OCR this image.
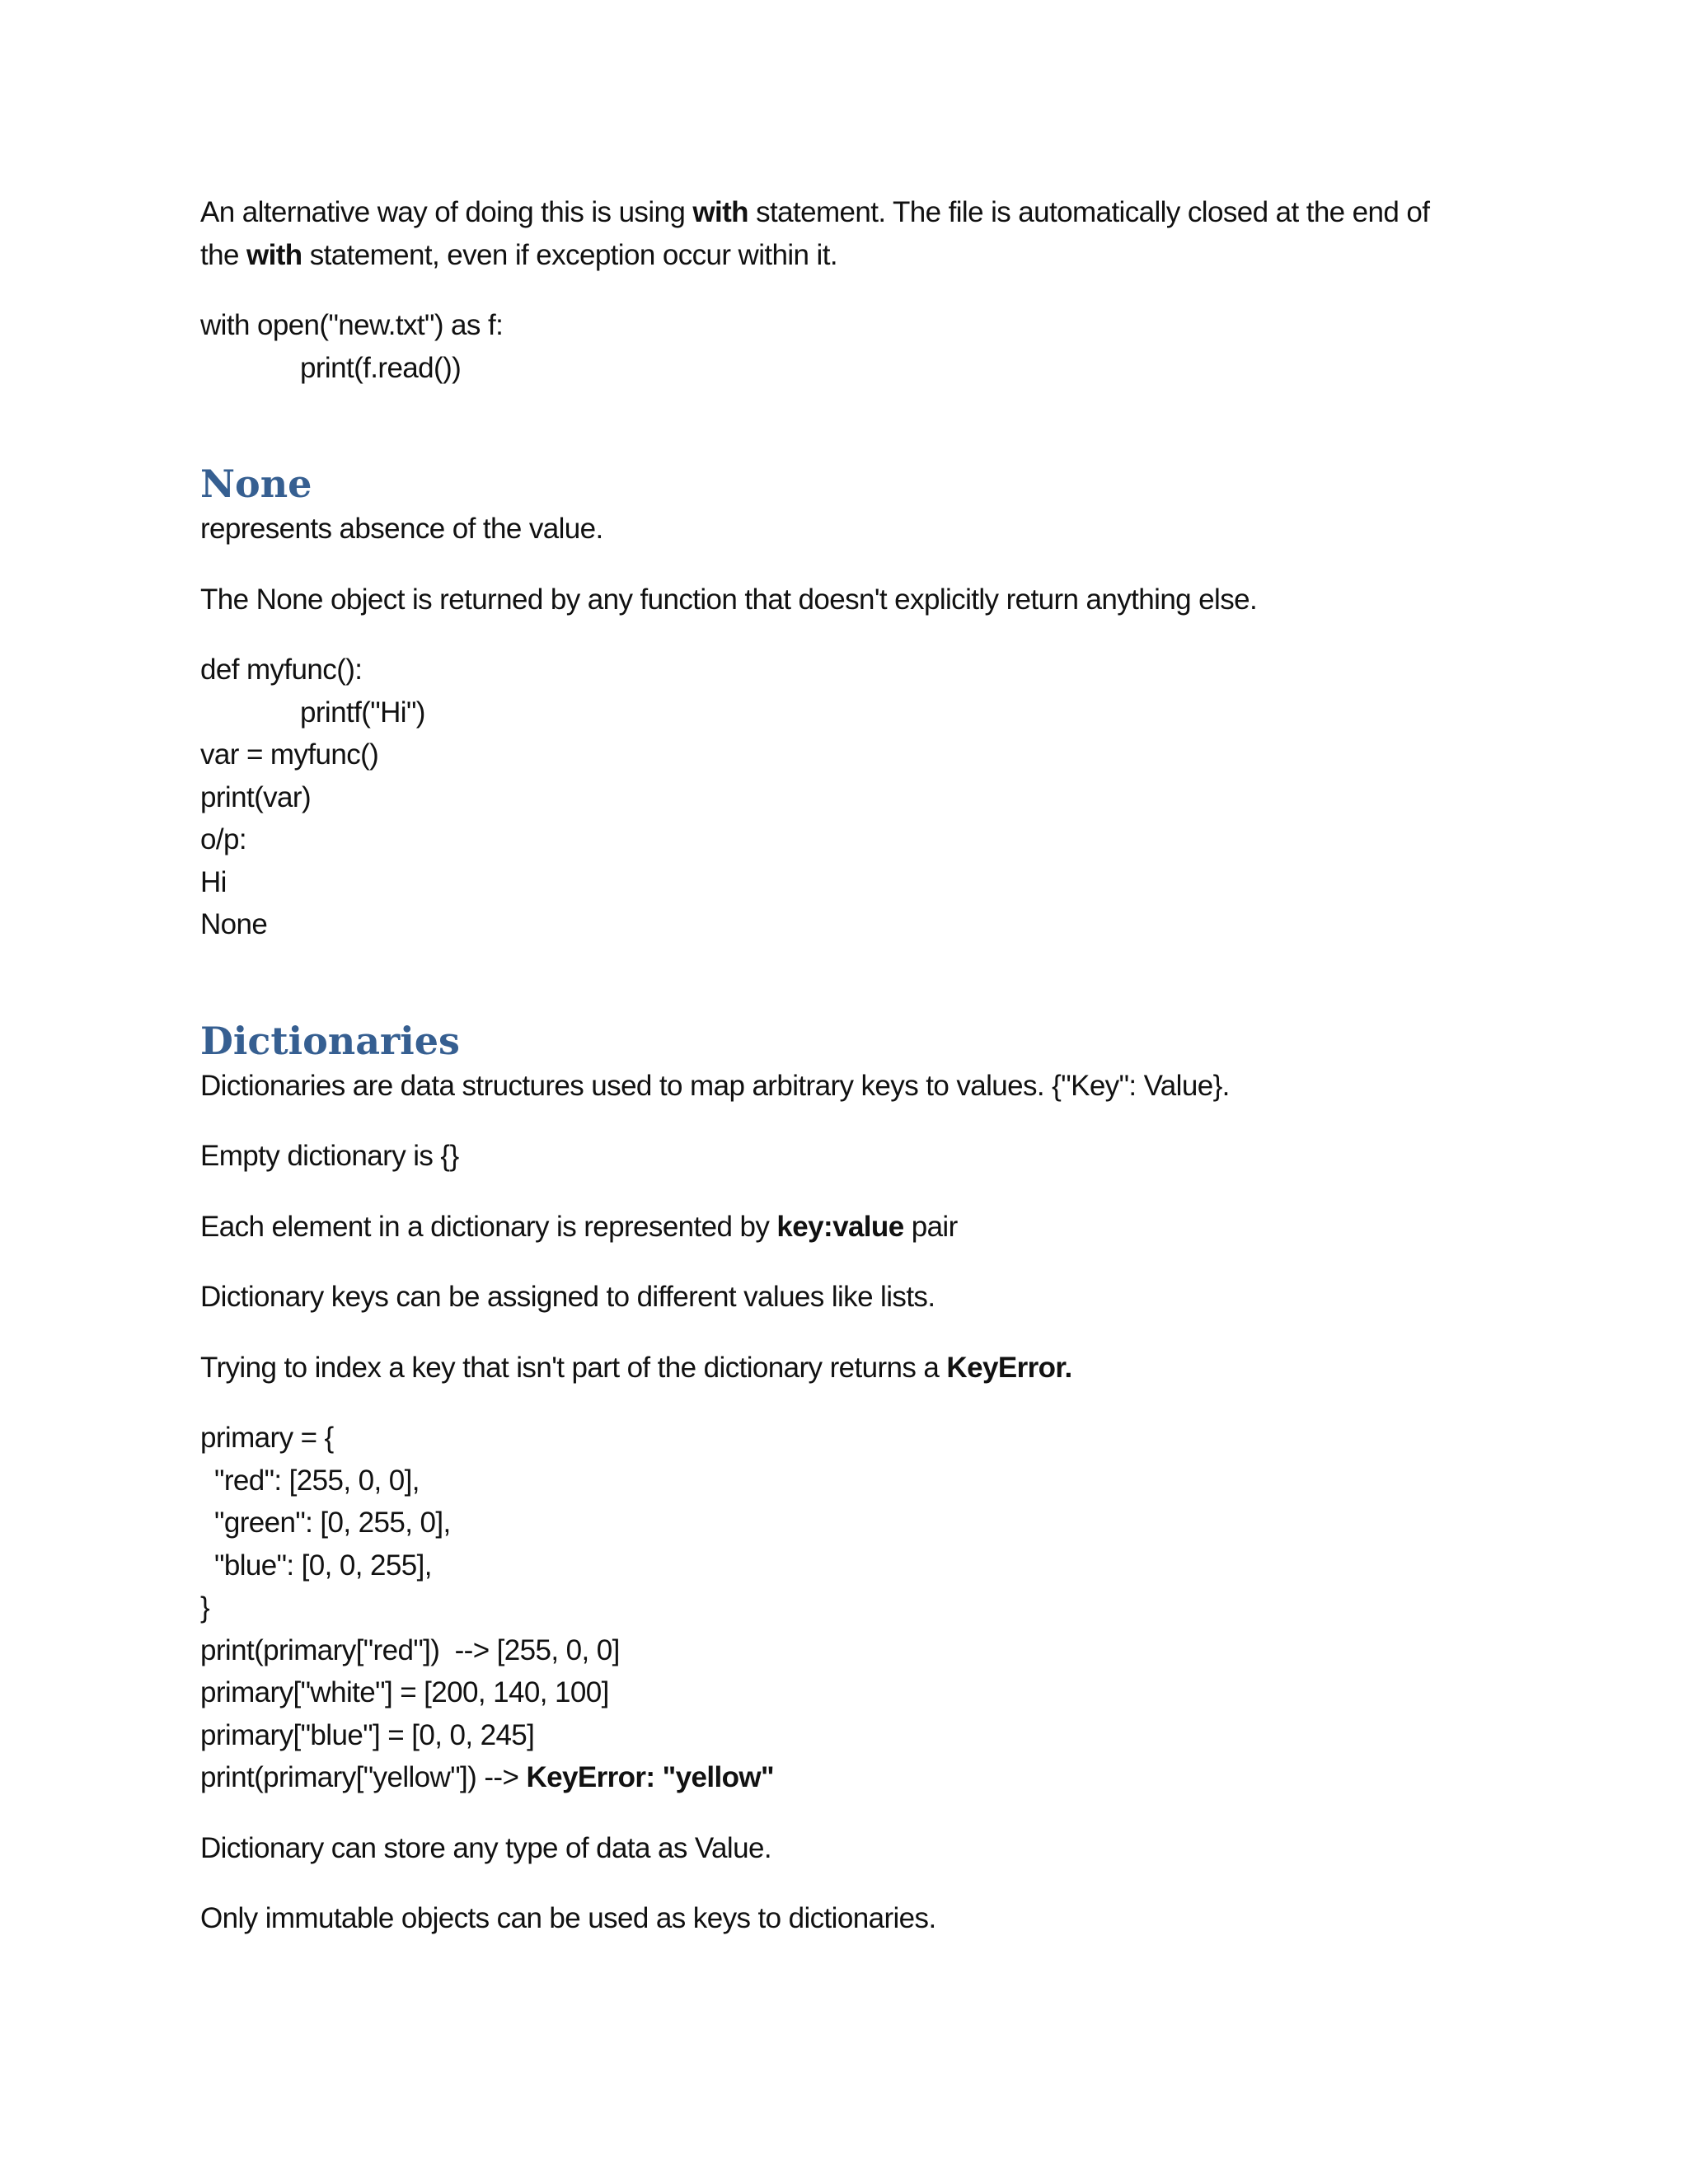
An alternative way of doing this is using with statement. The file is automatically closed at the end of
the with statement, even if exception occur within it.

with open("new.txt") as f:
print(f.read())
None

represents absence of the value.

The None object is returned by any function that doesn't explicitly return anything else.

def myfunc():
printf("Hi")
var = myfunc()
print(var)
o/p:
Hi
None
Dictionaries

Dictionaries are data structures used to map arbitrary keys to values. {"Key": Value}.

Empty dictionary is {}

Each element in a dictionary is represented by key:value pair

Dictionary keys can be assigned to different values like lists.

Trying to index a key that isn't part of the dictionary returns a KeyError.

primary = {
"red": [255, 0, 0],
"green": [0, 255, 0],
"blue": [0, 0, 255],
}
print(primary["red"])  --> [255, 0, 0]
primary["white"] = [200, 140, 100]
primary["blue"] = [0, 0, 245]
print(primary["yellow"]) --> KeyError: "yellow"

Dictionary can store any type of data as Value.

Only immutable objects can be used as keys to dictionaries.
